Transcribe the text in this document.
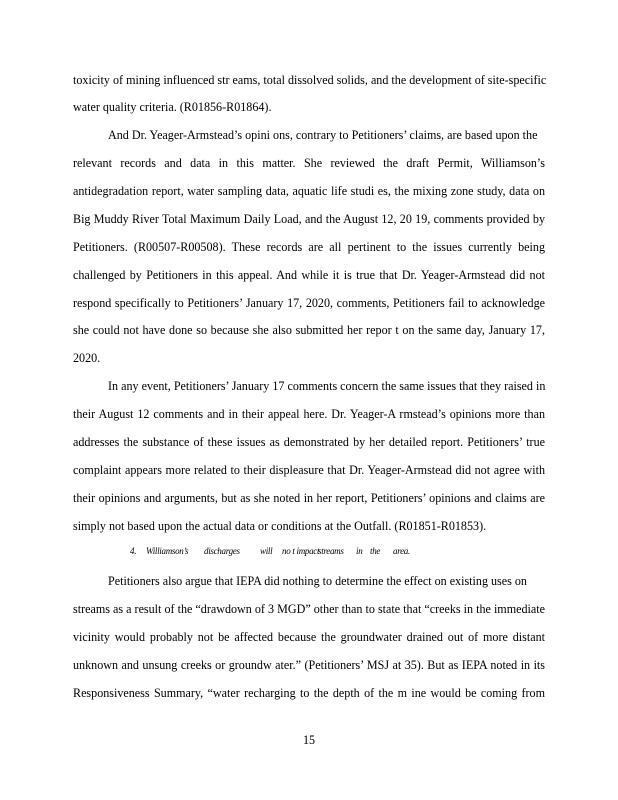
toxicity of mining influenced str eams, total dissolved solids, and the development of site-specific
water quality criteria. (R01856-R01864).
And Dr. Yeager-Armstead’s opini ons, contrary to Petitioners’ claims, are based upon the
relevant records and data in this matter. She reviewed the draft Permit, Williamson’s
antidegradation report, water sampling data, aquatic life studi es, the mixing zone study, data on
Big Muddy River Total Maximum Daily Load, and the August 12, 20 19, comments provided by
Petitioners. (R00507-R00508). These records are all pertinent to the issues currently being
challenged by Petitioners in this appeal. And while it is true that Dr. Yeager-Armstead did not
respond specifically to Petitioners’ January 17, 2020, comments, Petitioners fail to acknowledge
she could not have done so because she also submitted her repor t on the same day, January 17,
2020.
In any event, Petitioners’ January 17 comments concern the same issues that they raised in
their August 12 comments and in their appeal here. Dr. Yeager-A rmstead’s opinions more than
addresses the substance of these issues as demonstrated by her detailed report. Petitioners’ true
complaint appears more related to their displeasure that Dr. Yeager-Armstead did not agree with
their opinions and arguments, but as she noted in her report, Petitioners’ opinions and claims are
simply not based upon the actual data or conditions at the Outfall. (R01851-R01853).
4. Williamson’s discharges will no t impactstreams in the area.
Petitioners also argue that IEPA did nothing to determine the effect on existing uses on
streams as a result of the “drawdown of 3 MGD” other than to state that “creeks in the immediate
vicinity would probably not be affected because the groundwater drained out of more distant
unknown and unsung creeks or groundw ater.” (Petitioners’ MSJ at 35). But as IEPA noted in its
Responsiveness Summary, “water recharging to the depth of the m ine would be coming from
15
